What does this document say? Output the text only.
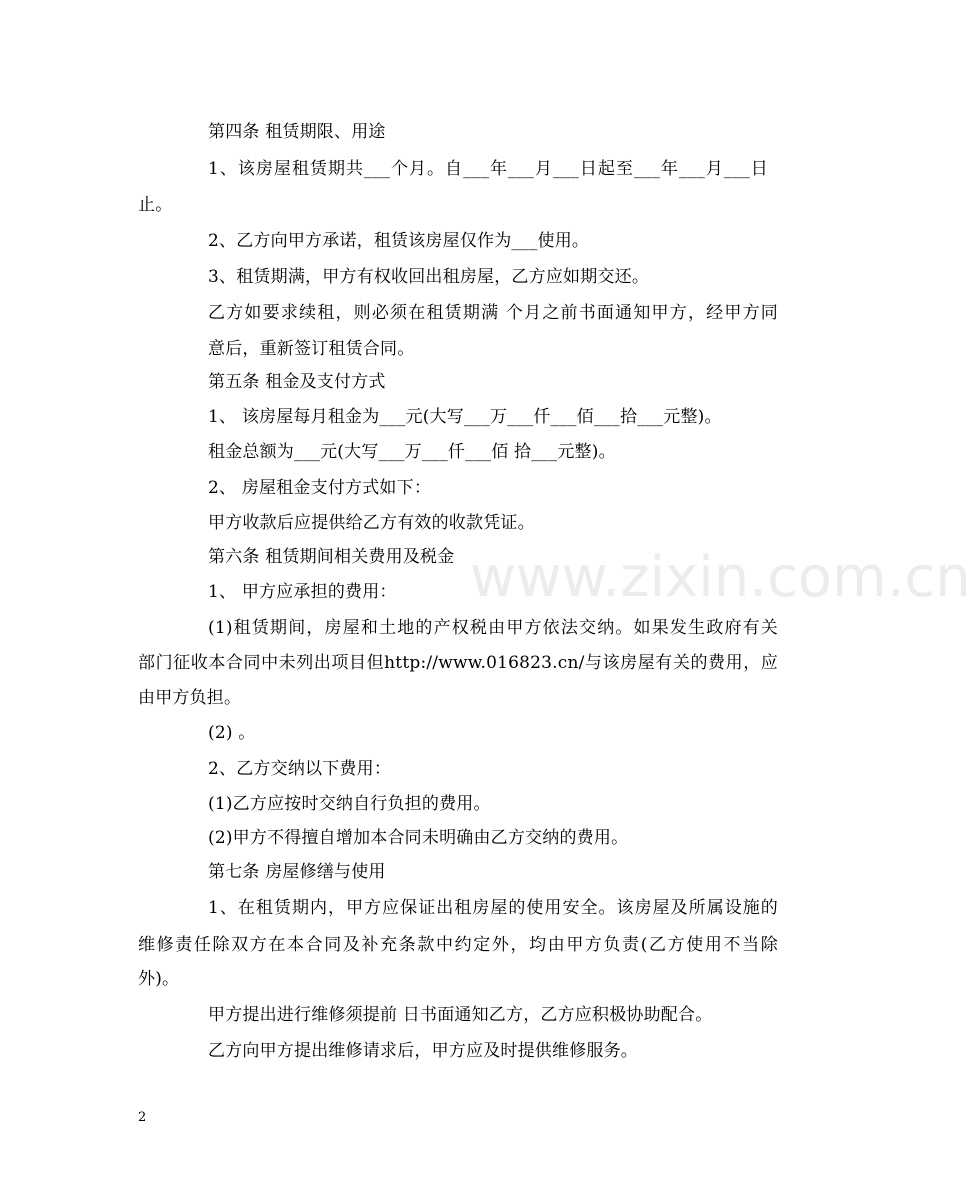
第四条 租赁期限、用途
1、该房屋租赁期共___个月。自___年___月___日起至___年___月___日
止。
2、乙方向甲方承诺，租赁该房屋仅作为___使用。
3、租赁期满，甲方有权收回出租房屋，乙方应如期交还。
乙方如要求续租，则必须在租赁期满 个月之前书面通知甲方，经甲方同
意后，重新签订租赁合同。
第五条 租金及支付方式
1、 该房屋每月租金为___元(大写___万___仟___佰___拾___元整)。
租金总额为___元(大写___万___仟___佰 拾___元整)。
2、 房屋租金支付方式如下：
甲方收款后应提供给乙方有效的收款凭证。
第六条 租赁期间相关费用及税金
1、 甲方应承担的费用：
(1)租赁期间，房屋和土地的产权税由甲方依法交纳。如果发生政府有关
部门征收本合同中未列出项目但http://www.016823.cn/与该房屋有关的费用，应
由甲方负担。
(2) 。
2、乙方交纳以下费用：
(1)乙方应按时交纳自行负担的费用。
(2)甲方不得擅自增加本合同未明确由乙方交纳的费用。
第七条 房屋修缮与使用
1、在租赁期内，甲方应保证出租房屋的使用安全。该房屋及所属设施的
维修责任除双方在本合同及补充条款中约定外，均由甲方负责(乙方使用不当除
外)。
甲方提出进行维修须提前 日书面通知乙方，乙方应积极协助配合。
乙方向甲方提出维修请求后，甲方应及时提供维修服务。
www.zixin.com.cn
2
